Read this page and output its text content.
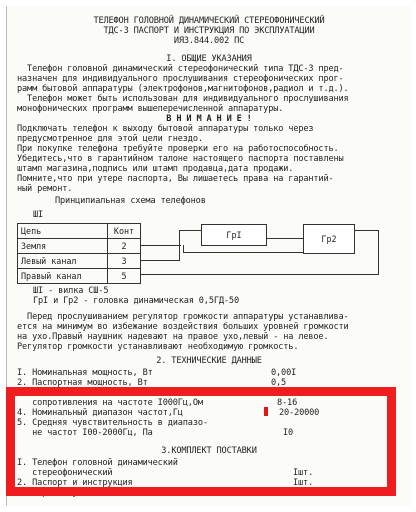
ТЕЛЕФОН ГОЛОВНОЙ ДИНАМИЧЕСКИЙ СТЕРЕОФОНИЧЕСКИЙ
ТДС-3 ПАСПОРТ И ИНСТРУКЦИЯ ПО ЭКСПЛУАТАЦИИ
ИЯ3.844.002 ПС
I. ОБЩИЕ УКАЗАНИЯ
Телефон головной динамический стереофонический типа ТДС-3 пред-
назначен для индивидуального прослушивания стереофонических прог-
рамм бытовой аппаратуры (электрофонов,магнитофонов,радиол и т.д.).
Телефон может быть использован для индивидуального прослушивания
монофонических программ вышеперечисленной аппаратуры.
В Н И М А Н И Е !
Подключать телефон к выходу бытовой аппаратуры только через
предусмотренное для этой цели гнездо.
При покупке телефона требуйте проверки его на работоспособность.
Убедитесь,что в гарантийном талоне настоящего паспорта поставлены
штамп магазина,подпись или штамп продавца,дата продажи.
Помните,что при утере паспорта, Вы лишаетесь права на гарантий-
ный ремонт.
Принципиальная схема телефонов
ШI
Цепь	Конт
Земля	2
Левый канал	3
Правый канал	5
ГрI	Гр2
ШI - вилка СШ-5
ГрI и Гр2 - головка динамическая 0,5ГД-50
Перед прослушиванием регулятор громкости аппаратуры устанавлива-
ется на минимум во избежание воздействия больших уровней громкости
на ухо.Правый наушник надевают на правое ухо,левый - на левое.
Регулятор громкости устанавливают необходимую громкость.
2. ТЕХНИЧЕСКИЕ ДАННЫЕ
I. Номинальная мощность, Вт	0,00I
2. Паспортная мощность, Вт	0,5
сопротивления на частоте I000Гц,Ом	8-16
4. Номинальный диапазон частот,Гц	20-20000
5. Средняя чувствительность в диапазо-
не частот I00-2000Гц, Па	I0
3.КОМПЛЕКТ ПОСТАВКИ
I. Телефон головной динамический
стереофонический	Iшт.
2. Паспорт и инструкция	Iшт.
3. Коробка упаковочная	Iшт.
